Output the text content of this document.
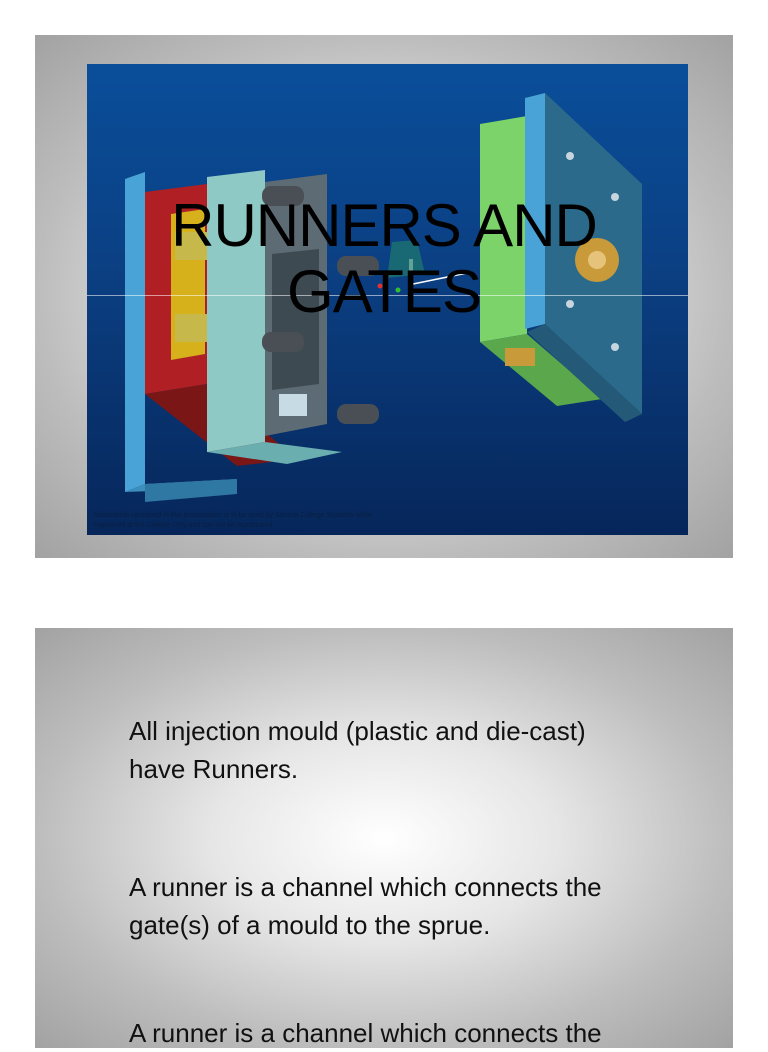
RUNNERS AND
GATES
Information contained in this presentation is to be used by Seneca College Students while
registered at the College Only and can not be reproduced
All injection mould (plastic and die-cast)
have Runners.
A runner is a channel which connects the
gate(s) of a mould to the sprue.
A runner is a channel which connects the
